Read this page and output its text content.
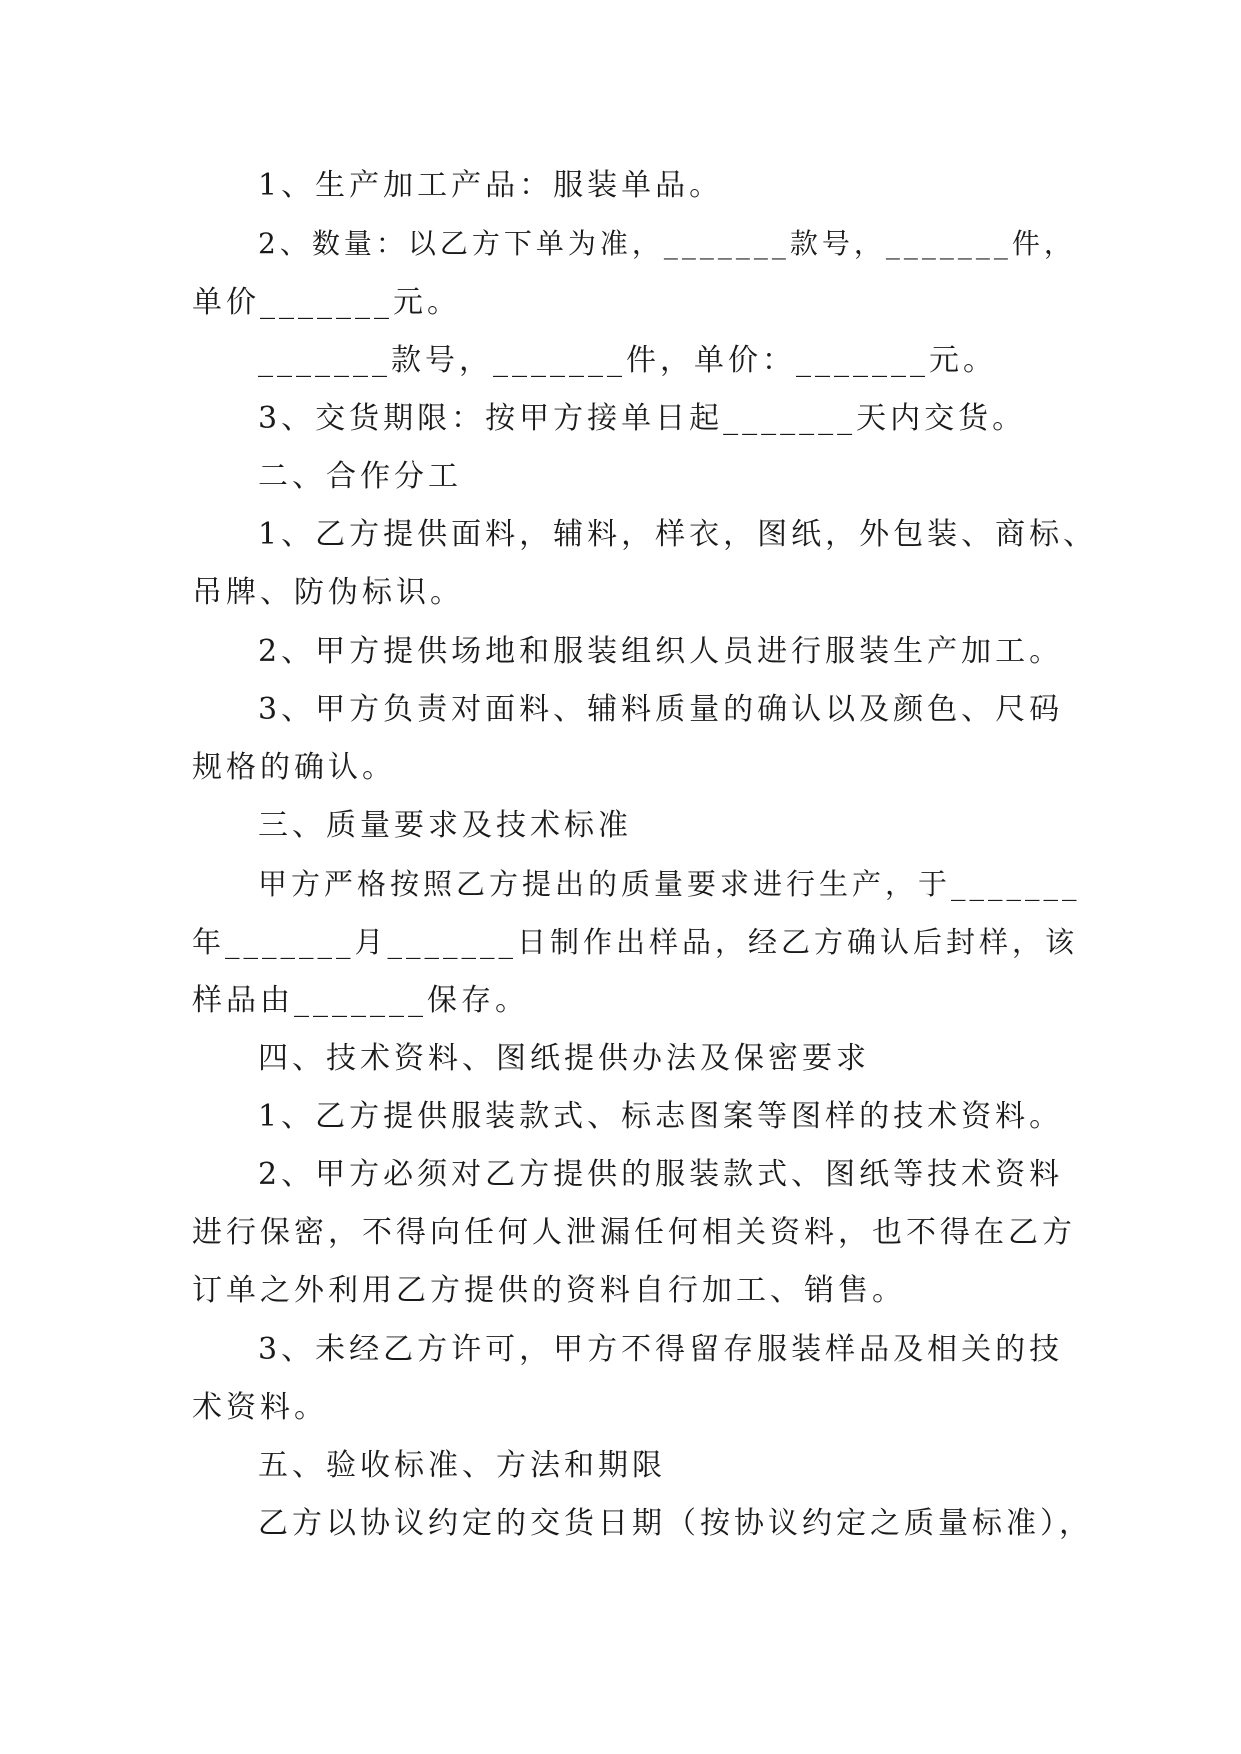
1、生产加工产品：服装单品。
2、数量：以乙方下单为准，_______款号，_______件，
单价_______元。
_______款号，_______件，单价：_______元。
3、交货期限：按甲方接单日起_______天内交货。
二、合作分工
1、乙方提供面料，辅料，样衣，图纸，外包装、商标、
吊牌、防伪标识。
2、甲方提供场地和服装组织人员进行服装生产加工。
3、甲方负责对面料、辅料质量的确认以及颜色、尺码
规格的确认。
三、质量要求及技术标准
甲方严格按照乙方提出的质量要求进行生产，于_______
年_______月_______日制作出样品，经乙方确认后封样，该
样品由_______保存。
四、技术资料、图纸提供办法及保密要求
1、乙方提供服装款式、标志图案等图样的技术资料。
2、甲方必须对乙方提供的服装款式、图纸等技术资料
进行保密，不得向任何人泄漏任何相关资料，也不得在乙方
订单之外利用乙方提供的资料自行加工、销售。
3、未经乙方许可，甲方不得留存服装样品及相关的技
术资料。
五、验收标准、方法和期限
乙方以协议约定的交货日期（按协议约定之质量标准），
